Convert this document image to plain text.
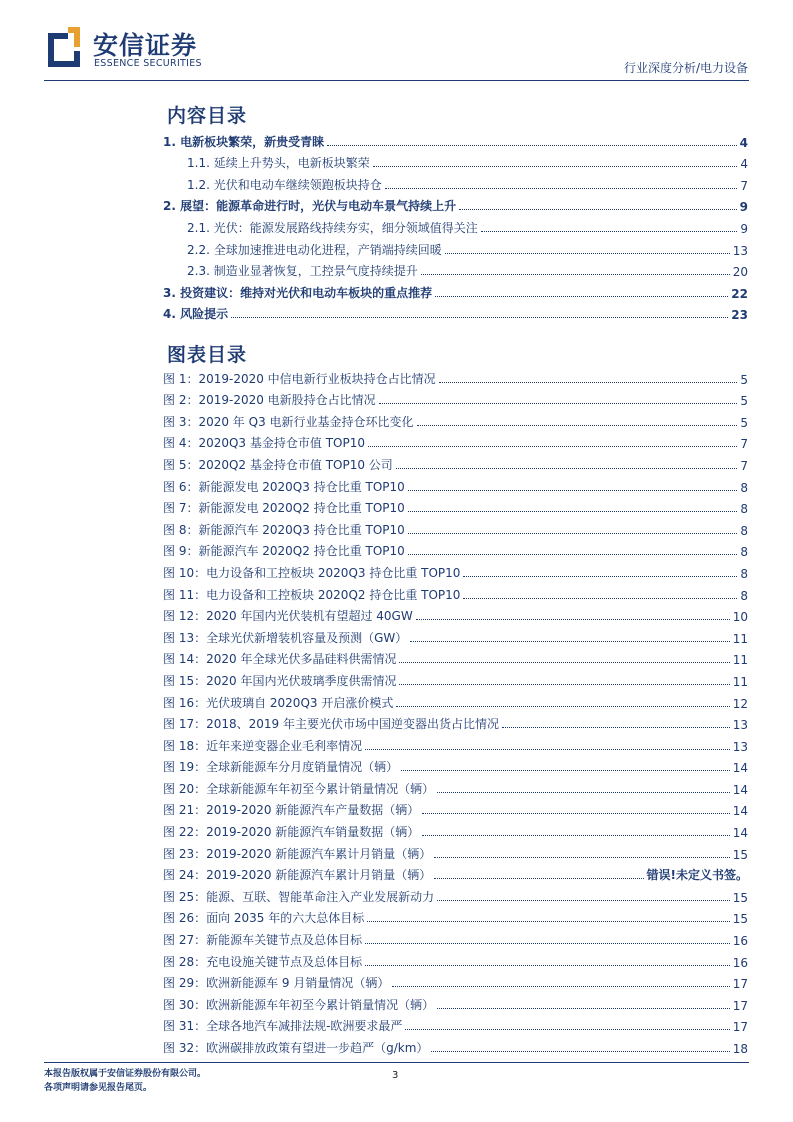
安信证券
ESSENCE SECURITIES	行业深度分析/电力设备
内容目录
1. 电新板块繁荣，新贵受青睐	4
1.1. 延续上升势头，电新板块繁荣	4
1.2. 光伏和电动车继续领跑板块持仓	7
2. 展望：能源革命进行时，光伏与电动车景气持续上升	9
2.1. 光伏：能源发展路线持续夯实，细分领域值得关注	9
2.2. 全球加速推进电动化进程，产销端持续回暖	13
2.3. 制造业显著恢复，工控景气度持续提升	20
3. 投资建议：维持对光伏和电动车板块的重点推荐	22
4. 风险提示	23
图表目录
图 1：2019-2020 中信电新行业板块持仓占比情况	5
图 2：2019-2020 电新股持仓占比情况	5
图 3：2020 年 Q3 电新行业基金持仓环比变化	5
图 4：2020Q3 基金持仓市值 TOP10	7
图 5：2020Q2 基金持仓市值 TOP10 公司	7
图 6：新能源发电 2020Q3 持仓比重 TOP10	8
图 7：新能源发电 2020Q2 持仓比重 TOP10	8
图 8：新能源汽车 2020Q3 持仓比重 TOP10	8
图 9：新能源汽车 2020Q2 持仓比重 TOP10	8
图 10：电力设备和工控板块 2020Q3 持仓比重 TOP10	8
图 11：电力设备和工控板块 2020Q2 持仓比重 TOP10	8
图 12：2020 年国内光伏装机有望超过 40GW	10
图 13：全球光伏新增装机容量及预测（GW）	11
图 14：2020 年全球光伏多晶硅料供需情况	11
图 15：2020 年国内光伏玻璃季度供需情况	11
图 16：光伏玻璃自 2020Q3 开启涨价模式	12
图 17：2018、2019 年主要光伏市场中国逆变器出货占比情况	13
图 18：近年来逆变器企业毛利率情况	13
图 19：全球新能源车分月度销量情况（辆）	14
图 20：全球新能源车年初至今累计销量情况（辆）	14
图 21：2019-2020 新能源汽车产量数据（辆）	14
图 22：2019-2020 新能源汽车销量数据（辆）	14
图 23：2019-2020 新能源汽车累计月销量（辆）	15
图 24：2019-2020 新能源汽车累计月销量（辆）	错误!未定义书签。
图 25：能源、互联、智能革命注入产业发展新动力	15
图 26：面向 2035 年的六大总体目标	15
图 27：新能源车关键节点及总体目标	16
图 28：充电设施关键节点及总体目标	16
图 29：欧洲新能源车 9 月销量情况（辆）	17
图 30：欧洲新能源车年初至今累计销量情况（辆）	17
图 31：全球各地汽车减排法规-欧洲要求最严	17
图 32：欧洲碳排放政策有望进一步趋严（g/km）	18
本报告版权属于安信证券股份有限公司。
各项声明请参见报告尾页。
3
